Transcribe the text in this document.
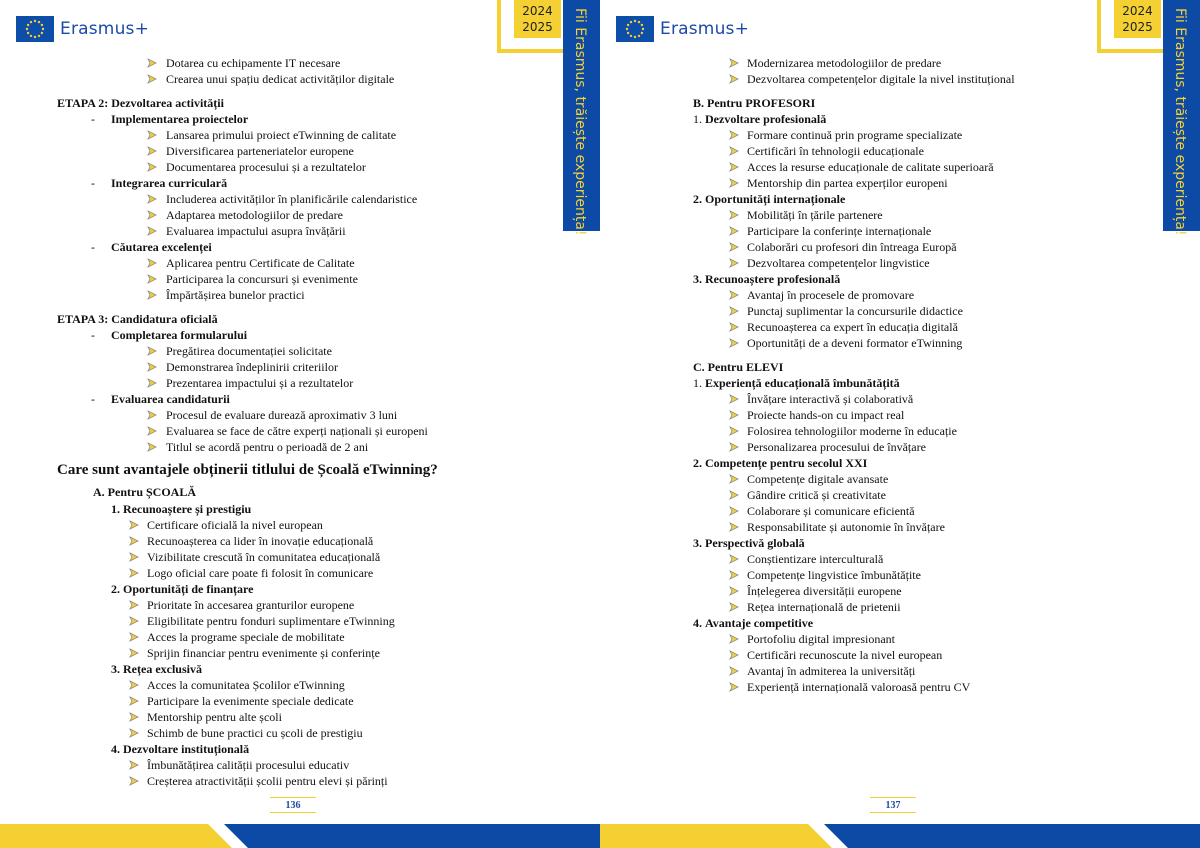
Erasmus+
2024
2025	Fii Erasmus, trăiește experiența!
Dotarea cu echipamente IT necesare
Crearea unui spațiu dedicat activităților digitale
ETAPA 2: Dezvoltarea activității
- Implementarea proiectelor
Lansarea primului proiect eTwinning de calitate
Diversificarea parteneriatelor europene
Documentarea procesului și a rezultatelor
- Integrarea curriculară
Includerea activităților în planificările calendaristice
Adaptarea metodologiilor de predare
Evaluarea impactului asupra învățării
- Căutarea excelenței
Aplicarea pentru Certificate de Calitate
Participarea la concursuri și evenimente
Împărtășirea bunelor practici
ETAPA 3: Candidatura oficială
- Completarea formularului
Pregătirea documentației solicitate
Demonstrarea îndeplinirii criteriilor
Prezentarea impactului și a rezultatelor
- Evaluarea candidaturii
Procesul de evaluare durează aproximativ 3 luni
Evaluarea se face de către experți naționali și europeni
Titlul se acordă pentru o perioadă de 2 ani
Care sunt avantajele obținerii titlului de Școală eTwinning?
A. Pentru ȘCOALĂ
1. Recunoaștere și prestigiu
Certificare oficială la nivel european
Recunoașterea ca lider în inovație educațională
Vizibilitate crescută în comunitatea educațională
Logo oficial care poate fi folosit în comunicare
2. Oportunități de finanțare
Prioritate în accesarea granturilor europene
Eligibilitate pentru fonduri suplimentare eTwinning
Acces la programe speciale de mobilitate
Sprijin financiar pentru evenimente și conferințe
3. Rețea exclusivă
Acces la comunitatea Școlilor eTwinning
Participare la evenimente speciale dedicate
Mentorship pentru alte școli
Schimb de bune practici cu școli de prestigiu
4. Dezvoltare instituțională
Îmbunătățirea calității procesului educativ
Creșterea atractivității școlii pentru elevi și părinți
136
Erasmus+
2024
2025	Fii Erasmus, trăiește experiența!
Modernizarea metodologiilor de predare
Dezvoltarea competențelor digitale la nivel instituțional
B. Pentru PROFESORI
1. Dezvoltare profesională
Formare continuă prin programe specializate
Certificări în tehnologii educaționale
Acces la resurse educaționale de calitate superioară
Mentorship din partea experților europeni
2. Oportunități internaționale
Mobilități în țările partenere
Participare la conferințe internaționale
Colaborări cu profesori din întreaga Europă
Dezvoltarea competențelor lingvistice
3. Recunoaștere profesională
Avantaj în procesele de promovare
Punctaj suplimentar la concursurile didactice
Recunoașterea ca expert în educația digitală
Oportunități de a deveni formator eTwinning
C. Pentru ELEVI
1. Experiență educațională îmbunătățită
Învățare interactivă și colaborativă
Proiecte hands-on cu impact real
Folosirea tehnologiilor moderne în educație
Personalizarea procesului de învățare
2. Competențe pentru secolul XXI
Competențe digitale avansate
Gândire critică și creativitate
Colaborare și comunicare eficientă
Responsabilitate și autonomie în învățare
3. Perspectivă globală
Conștientizare interculturală
Competențe lingvistice îmbunătățite
Înțelegerea diversității europene
Rețea internațională de prietenii
4. Avantaje competitive
Portofoliu digital impresionant
Certificări recunoscute la nivel european
Avantaj în admiterea la universități
Experiență internațională valoroasă pentru CV
137
